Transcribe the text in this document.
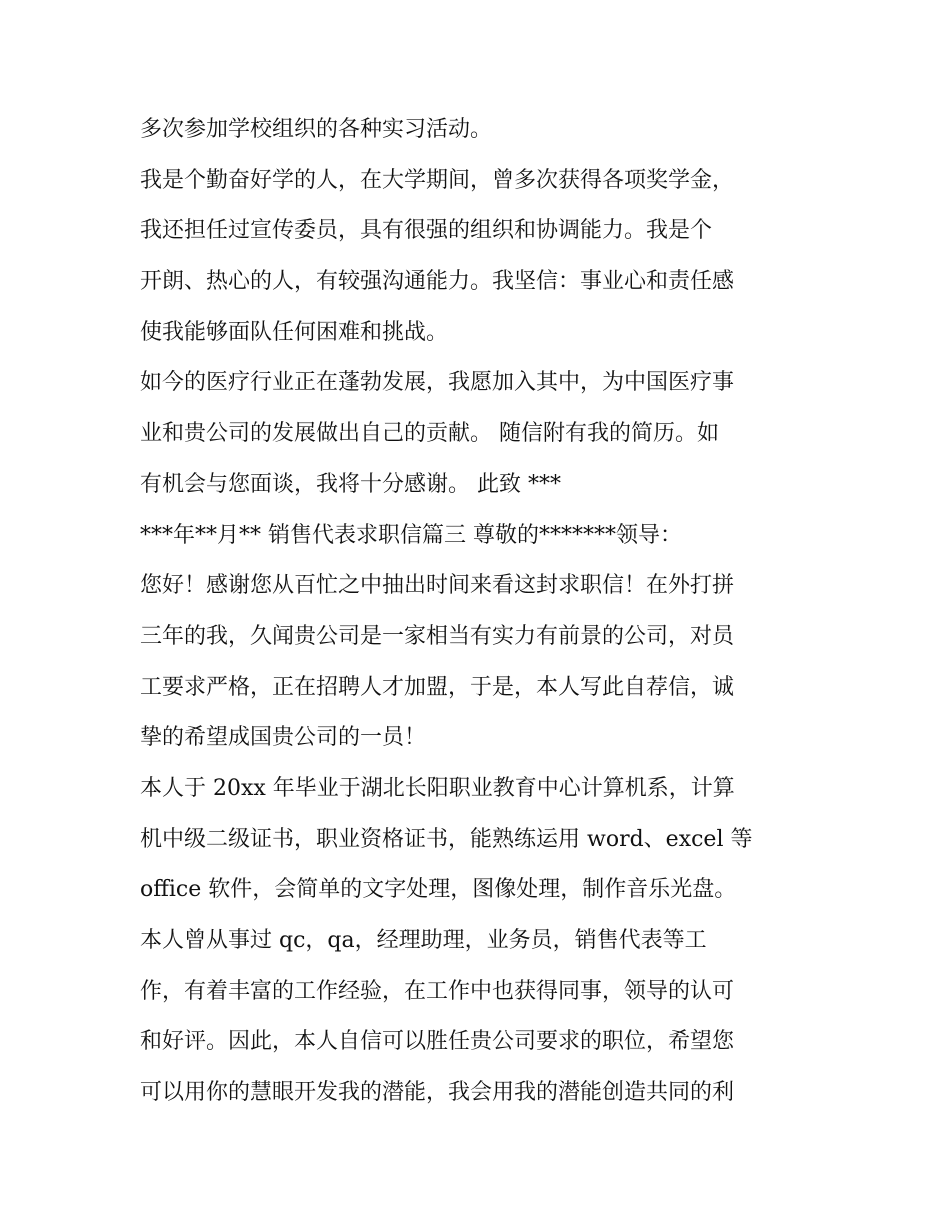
多次参加学校组织的各种实习活动。
我是个勤奋好学的人，在大学期间，曾多次获得各项奖学金，
我还担任过宣传委员，具有很强的组织和协调能力。我是个
开朗、热心的人，有较强沟通能力。我坚信：事业心和责任感
使我能够面队任何困难和挑战。
如今的医疗行业正在蓬勃发展，我愿加入其中，为中国医疗事
业和贵公司的发展做出自己的贡献。 随信附有我的简历。如
有机会与您面谈，我将十分感谢。 此致 ***
***年**月** 销售代表求职信篇三 尊敬的*******领导：
您好！感谢您从百忙之中抽出时间来看这封求职信！在外打拼
三年的我，久闻贵公司是一家相当有实力有前景的公司，对员
工要求严格，正在招聘人才加盟，于是，本人写此自荐信，诚
挚的希望成国贵公司的一员！
本人于 20xx 年毕业于湖北长阳职业教育中心计算机系，计算
机中级二级证书，职业资格证书，能熟练运用 word、excel 等
office 软件，会简单的文字处理，图像处理，制作音乐光盘。
本人曾从事过 qc，qa，经理助理，业务员，销售代表等工
作，有着丰富的工作经验，在工作中也获得同事，领导的认可
和好评。因此，本人自信可以胜任贵公司要求的职位，希望您
可以用你的慧眼开发我的潜能，我会用我的潜能创造共同的利
